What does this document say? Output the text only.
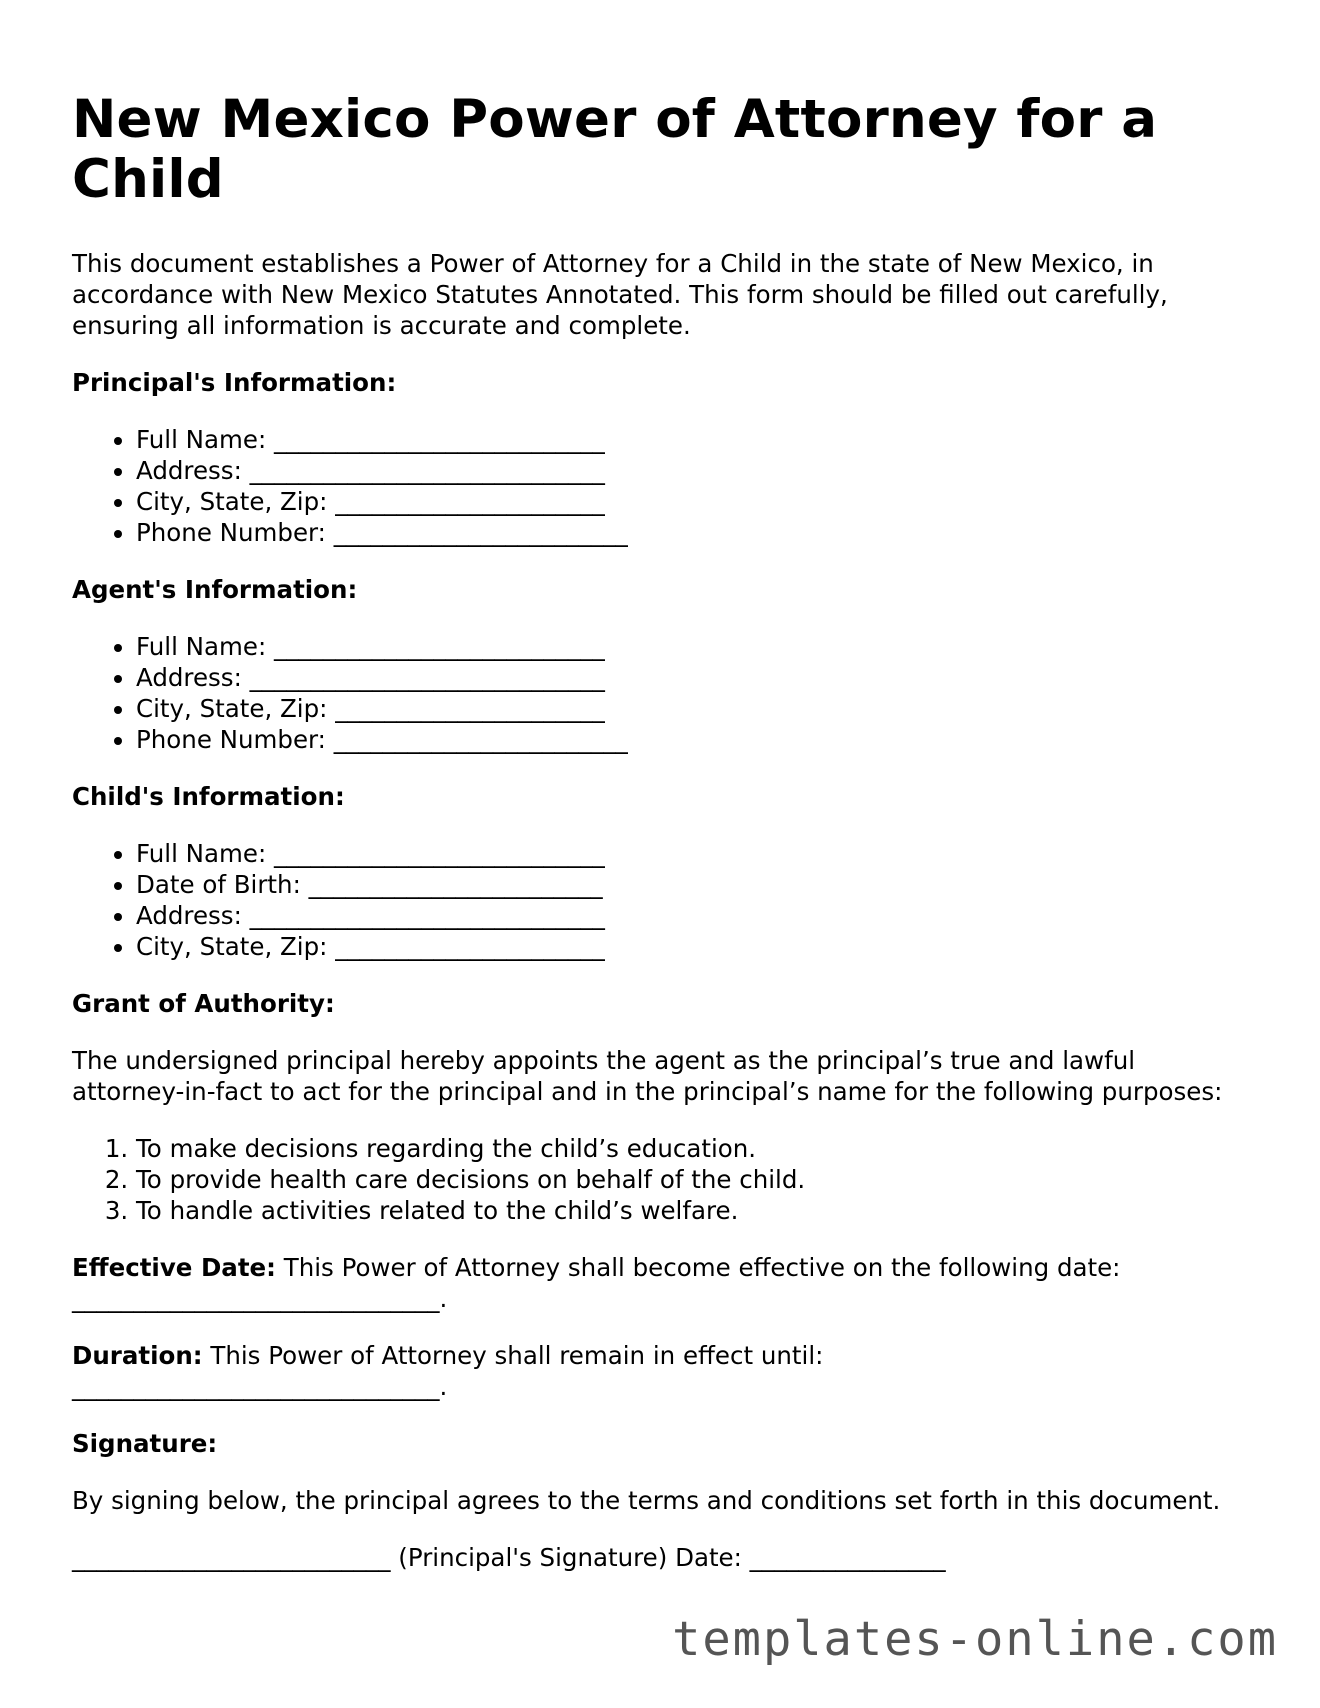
New Mexico Power of Attorney for a Child

This document establishes a Power of Attorney for a Child in the state of New Mexico, in accordance with New Mexico Statutes Annotated. This form should be filled out carefully, ensuring all information is accurate and complete.

Principal's Information:
• Full Name: ___________________________
• Address: _____________________________
• City, State, Zip: ______________________
• Phone Number: ________________________
Agent's Information:
• Full Name: ___________________________
• Address: _____________________________
• City, State, Zip: ______________________
• Phone Number: ________________________
Child's Information:
• Full Name: ___________________________
• Date of Birth: ________________________
• Address: _____________________________
• City, State, Zip: ______________________
Grant of Authority:

The undersigned principal hereby appoints the agent as the principal’s true and lawful attorney-in-fact to act for the principal and in the principal’s name for the following purposes:

1. To make decisions regarding the child’s education.
2. To provide health care decisions on behalf of the child.
3. To handle activities related to the child’s welfare.

Effective Date: This Power of Attorney shall become effective on the following date:
______________________________.

Duration: This Power of Attorney shall remain in effect until:
______________________________.

Signature:

By signing below, the principal agrees to the terms and conditions set forth in this document.

__________________________ (Principal's Signature) Date: ________________

templates-online.com
